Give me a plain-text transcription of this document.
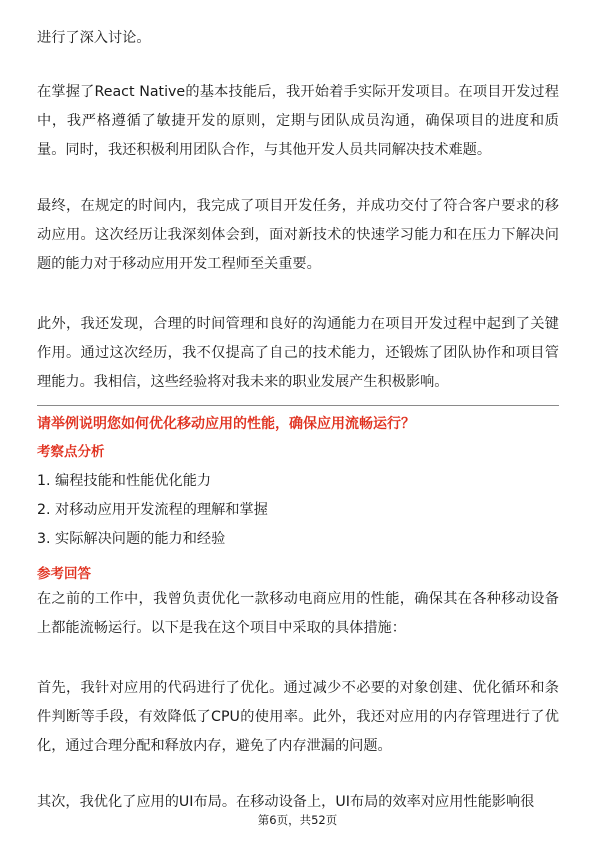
进行了深入讨论。

在掌握了React Native的基本技能后，我开始着手实际开发项目。在项目开发过程中，我严格遵循了敏捷开发的原则，定期与团队成员沟通，确保项目的进度和质量。同时，我还积极利用团队合作，与其他开发人员共同解决技术难题。

最终，在规定的时间内，我完成了项目开发任务，并成功交付了符合客户要求的移动应用。这次经历让我深刻体会到，面对新技术的快速学习能力和在压力下解决问题的能力对于移动应用开发工程师至关重要。

此外，我还发现，合理的时间管理和良好的沟通能力在项目开发过程中起到了关键作用。通过这次经历，我不仅提高了自己的技术能力，还锻炼了团队协作和项目管理能力。我相信，这些经验将对我未来的职业发展产生积极影响。

请举例说明您如何优化移动应用的性能，确保应用流畅运行？

考察点分析

1. 编程技能和性能优化能力

2. 对移动应用开发流程的理解和掌握

3. 实际解决问题的能力和经验

参考回答

在之前的工作中，我曾负责优化一款移动电商应用的性能，确保其在各种移动设备上都能流畅运行。以下是我在这个项目中采取的具体措施：

首先，我针对应用的代码进行了优化。通过减少不必要的对象创建、优化循环和条件判断等手段，有效降低了CPU的使用率。此外，我还对应用的内存管理进行了优化，通过合理分配和释放内存，避免了内存泄漏的问题。

其次，我优化了应用的UI布局。在移动设备上，UI布局的效率对应用性能影响很

第6页，共52页
